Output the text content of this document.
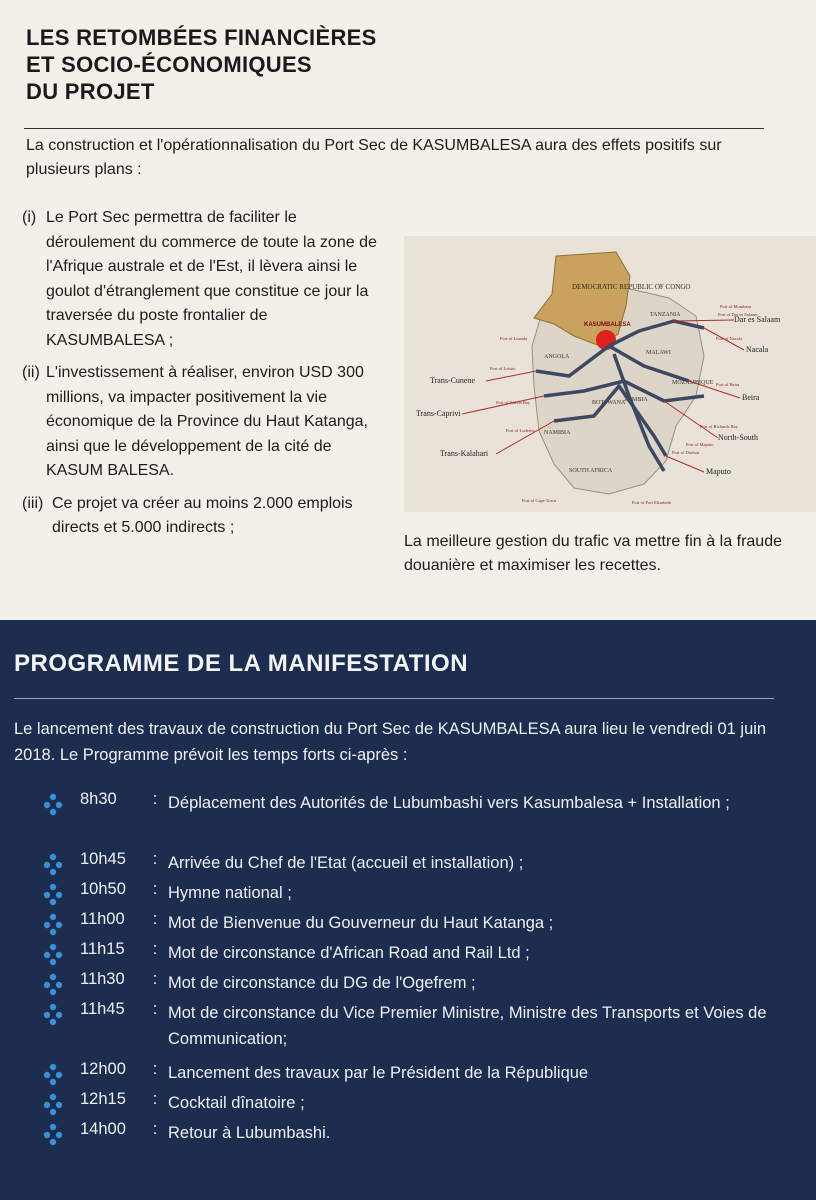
LES RETOMBÉES FINANCIÈRES
ET SOCIO-ÉCONOMIQUES
DU PROJET
La construction et l'opérationnalisation du Port Sec de KASUMBALESA aura des effets positifs sur plusieurs plans :
(i) Le Port Sec permettra de faciliter le déroulement du commerce de toute la zone de l'Afrique australe et de l'Est, il lèvera ainsi le goulot d'étranglement que constitue ce jour la traversée du poste frontalier de KASUMBALESA ;
(ii) L'investissement à réaliser, environ USD 300 millions, va impacter positivement la vie économique de la Province du Haut Katanga, ainsi que le développement de la cité de KASUM BALESA.
(iii) Ce projet va créer au moins 2.000 emplois directs et 5.000 indirects ;
DEMOCRATIC REPUBLIC OF CONGO
KASUMBALESA
ANGOLA
ZAMBIA
TANZANIA
MALAWI
MOZAMBIQUE
BOTSWANA
NAMIBIA
SOUTH AFRICA
Trans-Cunene
Trans-Caprivi
Trans-Kalahari
Dar es Salaam
Nacala
Beira
North-South
Maputo
Port of Luanda
Port of Lobito
Port of Walvis Bay
Port of Luderitz
Port of Cape Town	Port of Port Elizabeth
Port of Durban
Port of Richards Bay
Port of Maputo
Port of Beira
Port of Nacala
Port of Dar es Salaam
Port of Mombasa
La meilleure gestion du trafic va mettre fin à la fraude douanière et maximiser les recettes.
PROGRAMME DE LA MANIFESTATION
Le lancement des travaux de construction du Port Sec de KASUMBALESA aura lieu le vendredi 01 juin 2018. Le Programme prévoit les temps forts ci-après :
8h30	: Déplacement des Autorités de Lubumbashi vers Kasumbalesa + Installation ;
10h45	: Arrivée du Chef de l'Etat (accueil et installation) ;
10h50	: Hymne national ;
11h00	: Mot de Bienvenue du Gouverneur du Haut Katanga ;
11h15	: Mot de circonstance d'African Road and Rail Ltd ;
11h30	: Mot de circonstance du DG de l'Ogefrem ;
11h45	: Mot de circonstance du Vice Premier Ministre, Ministre des Transports et Voies de Communication;
12h00	: Lancement des travaux par le Président de la République
12h15	: Cocktail dînatoire ;
14h00	: Retour à Lubumbashi.
